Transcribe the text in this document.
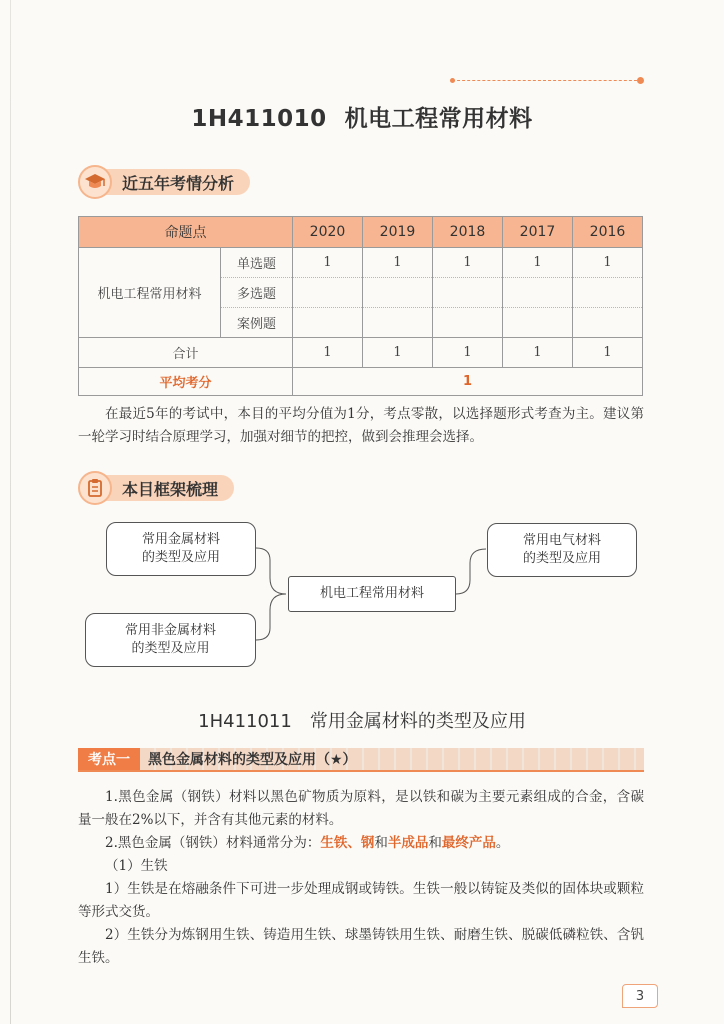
1H411010 机电工程常用材料
近五年考情分析
命题点		2020	2019	2018	2017	2016
机电工程常用材料	单选题	1	1	1	1	1
	多选题					
	案例题					
合计		1	1	1	1	1
平均考分		1				
在最近5年的考试中，本目的平均分值为1分，考点零散，以选择题形式考查为主。建议第一轮学习时结合原理学习，加强对细节的把控，做到会推理会选择。
本目框架梳理
常用金属材料
的类型及应用
常用非金属材料
的类型及应用
机电工程常用材料
常用电气材料
的类型及应用
1H411011 常用金属材料的类型及应用
考点一	黑色金属材料的类型及应用（★）
1.黑色金属（钢铁）材料以黑色矿物质为原料，是以铁和碳为主要元素组成的合金，含碳量一般在2%以下，并含有其他元素的材料。
2.黑色金属（钢铁）材料通常分为：生铁、钢和半成品和最终产品。
（1）生铁
1）生铁是在熔融条件下可进一步处理成钢或铸铁。生铁一般以铸锭及类似的固体块或颗粒等形式交货。
2）生铁分为炼钢用生铁、铸造用生铁、球墨铸铁用生铁、耐磨生铁、脱碳低磷粒铁、含钒生铁。
3
